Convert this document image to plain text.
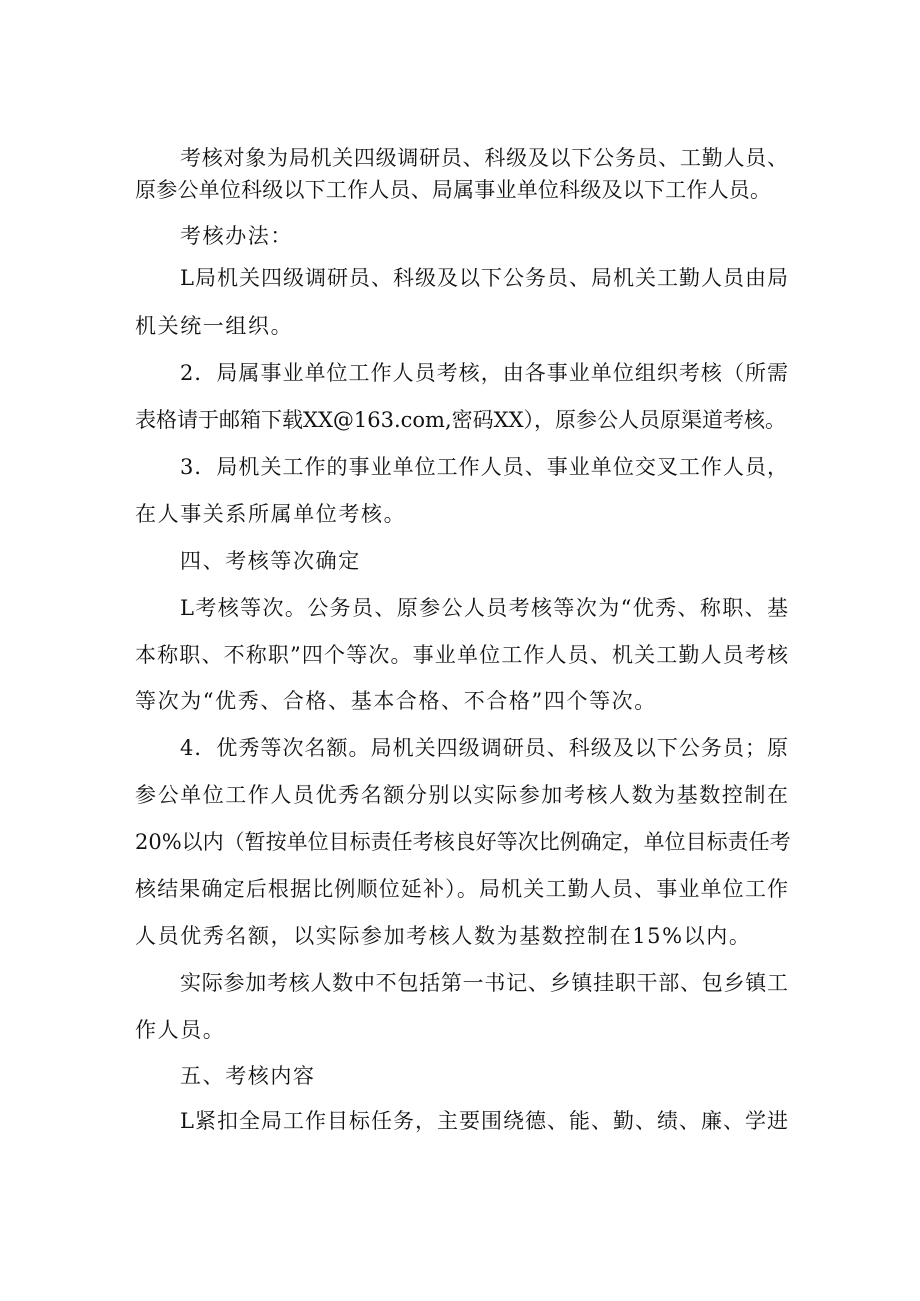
考核对象为局机关四级调研员、科级及以下公务员、工勤人员、
原参公单位科级以下工作人员、局属事业单位科级及以下工作人员。
考核办法：
L局机关四级调研员、科级及以下公务员、局机关工勤人员由局
机关统一组织。
2．局属事业单位工作人员考核，由各事业单位组织考核（所需
表格请于邮箱下载XX@163.com,密码XX），原参公人员原渠道考核。
3．局机关工作的事业单位工作人员、事业单位交叉工作人员，
在人事关系所属单位考核。
四、考核等次确定
L考核等次。公务员、原参公人员考核等次为“优秀、称职、基
本称职、不称职”四个等次。事业单位工作人员、机关工勤人员考核
等次为“优秀、合格、基本合格、不合格”四个等次。
4．优秀等次名额。局机关四级调研员、科级及以下公务员；原
参公单位工作人员优秀名额分别以实际参加考核人数为基数控制在
20%以内（暂按单位目标责任考核良好等次比例确定，单位目标责任考
核结果确定后根据比例顺位延补）。局机关工勤人员、事业单位工作
人员优秀名额，以实际参加考核人数为基数控制在15%以内。
实际参加考核人数中不包括第一书记、乡镇挂职干部、包乡镇工
作人员。
五、考核内容
L紧扣全局工作目标任务，主要围绕德、能、勤、绩、廉、学进
